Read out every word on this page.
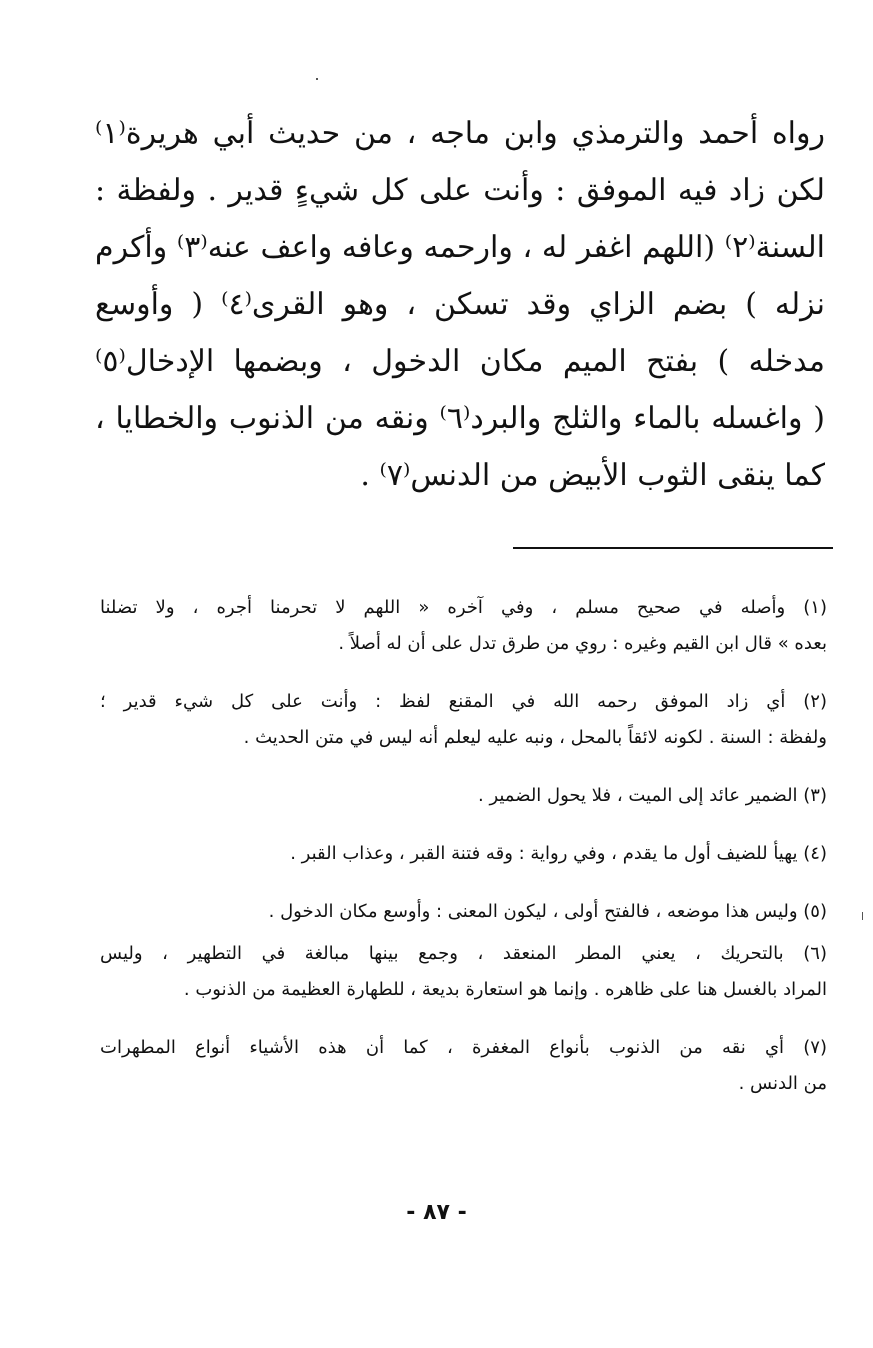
رواه أحمد والترمذي وابن ماجه ، من حديث أبي هريرة⁽١⁾
لكن زاد فيه الموفق : وأنت على كل شيءٍ قدير . ولفظة :
السنة⁽٢⁾ (اللهم اغفر له ، وارحمه وعافه واعف عنه⁽٣⁾ وأكرم
نزله ) بضم الزاي وقد تسكن ، وهو القرى⁽٤⁾ ( وأوسع
مدخله ) بفتح الميم مكان الدخول ، وبضمها الإدخال⁽٥⁾
( واغسله بالماء والثلج والبرد⁽٦⁾ ونقه من الذنوب والخطايا ،
كما ينقى الثوب الأبيض من الدنس⁽٧⁾ .
(١) وأصله في صحيح مسلم ، وفي آخره « اللهم لا تحرمنا أجره ، ولا تضلنا
بعده » قال ابن القيم وغيره : روي من طرق تدل على أن له أصلاً .
(٢) أي زاد الموفق رحمه الله في المقنع لفظ : وأنت على كل شيء قدير ؛
ولفظة : السنة . لكونه لائقاً بالمحل ، ونبه عليه ليعلم أنه ليس في متن الحديث .
(٣) الضمير عائد إلى الميت ، فلا يحول الضمير .
(٤) يهيأ للضيف أول ما يقدم ، وفي رواية : وقه فتنة القبر ، وعذاب القبر .
(٥) وليس هذا موضعه ، فالفتح أولى ، ليكون المعنى : وأوسع مكان الدخول .
(٦) بالتحريك ، يعني المطر المنعقد ، وجمع بينها مبالغة في التطهير ، وليس
المراد بالغسل هنا على ظاهره . وإنما هو استعارة بديعة ، للطهارة العظيمة من الذنوب .
(٧) أي نقه من الذنوب بأنواع المغفرة ، كما أن هذه الأشياء أنواع المطهرات
من الدنس .
- ٨٧ -
